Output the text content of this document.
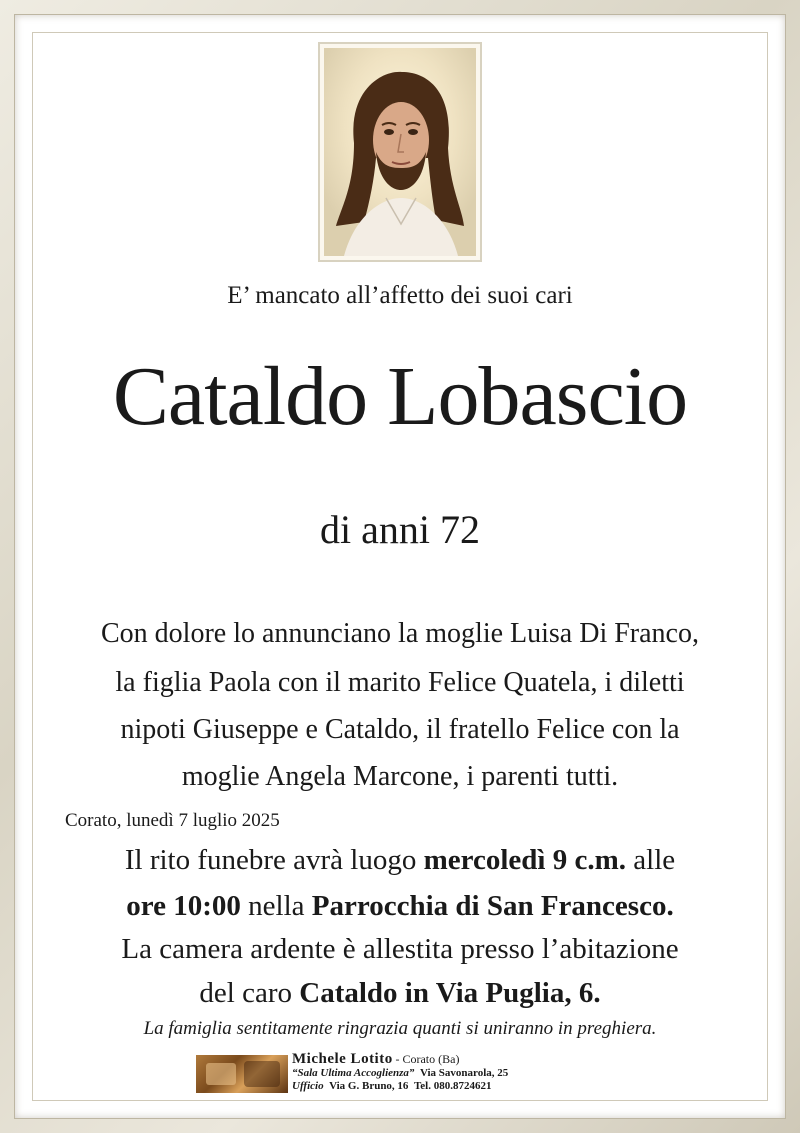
E’ mancato all’affetto dei suoi cari
Cataldo Lobascio
di anni 72
Con dolore lo annunciano la moglie Luisa Di Franco,
la figlia Paola con il marito Felice Quatela, i diletti
nipoti Giuseppe e Cataldo, il fratello Felice con la
moglie Angela Marcone, i parenti tutti.
Corato, lunedì 7 luglio 2025
Il rito funebre avrà luogo mercoledì 9 c.m. alle
ore 10:00 nella Parrocchia di San Francesco.
La camera ardente è allestita presso l’abitazione
del caro Cataldo in Via Puglia, 6.
La famiglia sentitamente ringrazia quanti si uniranno in preghiera.
Michele Lotito - Corato (Ba)
“Sala Ultima Accoglienza” Via Savonarola, 25
Ufficio Via G. Bruno, 16 Tel. 080.8724621
